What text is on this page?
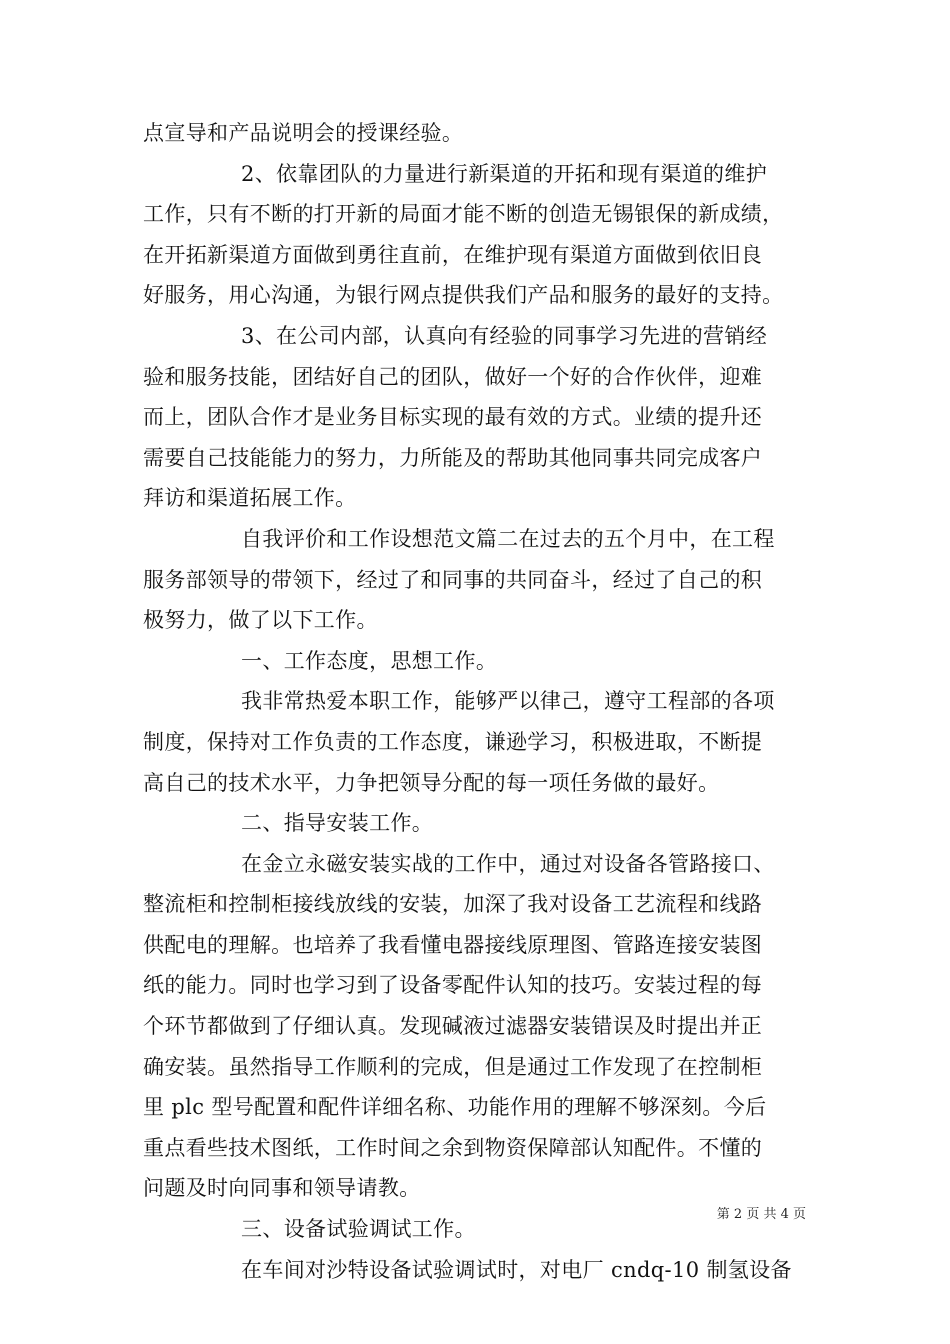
点宣导和产品说明会的授课经验。
2、依靠团队的力量进行新渠道的开拓和现有渠道的维护
工作，只有不断的打开新的局面才能不断的创造无锡银保的新成绩，
在开拓新渠道方面做到勇往直前，在维护现有渠道方面做到依旧良
好服务，用心沟通，为银行网点提供我们产品和服务的最好的支持。
3、在公司内部，认真向有经验的同事学习先进的营销经
验和服务技能，团结好自己的团队，做好一个好的合作伙伴，迎难
而上，团队合作才是业务目标实现的最有效的方式。业绩的提升还
需要自己技能能力的努力，力所能及的帮助其他同事共同完成客户
拜访和渠道拓展工作。
自我评价和工作设想范文篇二在过去的五个月中，在工程
服务部领导的带领下，经过了和同事的共同奋斗，经过了自己的积
极努力，做了以下工作。
一、工作态度，思想工作。
我非常热爱本职工作，能够严以律己，遵守工程部的各项
制度，保持对工作负责的工作态度，谦逊学习，积极进取，不断提
高自己的技术水平，力争把领导分配的每一项任务做的最好。
二、指导安装工作。
在金立永磁安装实战的工作中，通过对设备各管路接口、
整流柜和控制柜接线放线的安装，加深了我对设备工艺流程和线路
供配电的理解。也培养了我看懂电器接线原理图、管路连接安装图
纸的能力。同时也学习到了设备零配件认知的技巧。安装过程的每
个环节都做到了仔细认真。发现碱液过滤器安装错误及时提出并正
确安装。虽然指导工作顺利的完成，但是通过工作发现了在控制柜
里 plc 型号配置和配件详细名称、功能作用的理解不够深刻。今后
重点看些技术图纸，工作时间之余到物资保障部认知配件。不懂的
问题及时向同事和领导请教。
三、设备试验调试工作。
在车间对沙特设备试验调试时，对电厂 cndq-10 制氢设备
第 2 页 共 4 页
